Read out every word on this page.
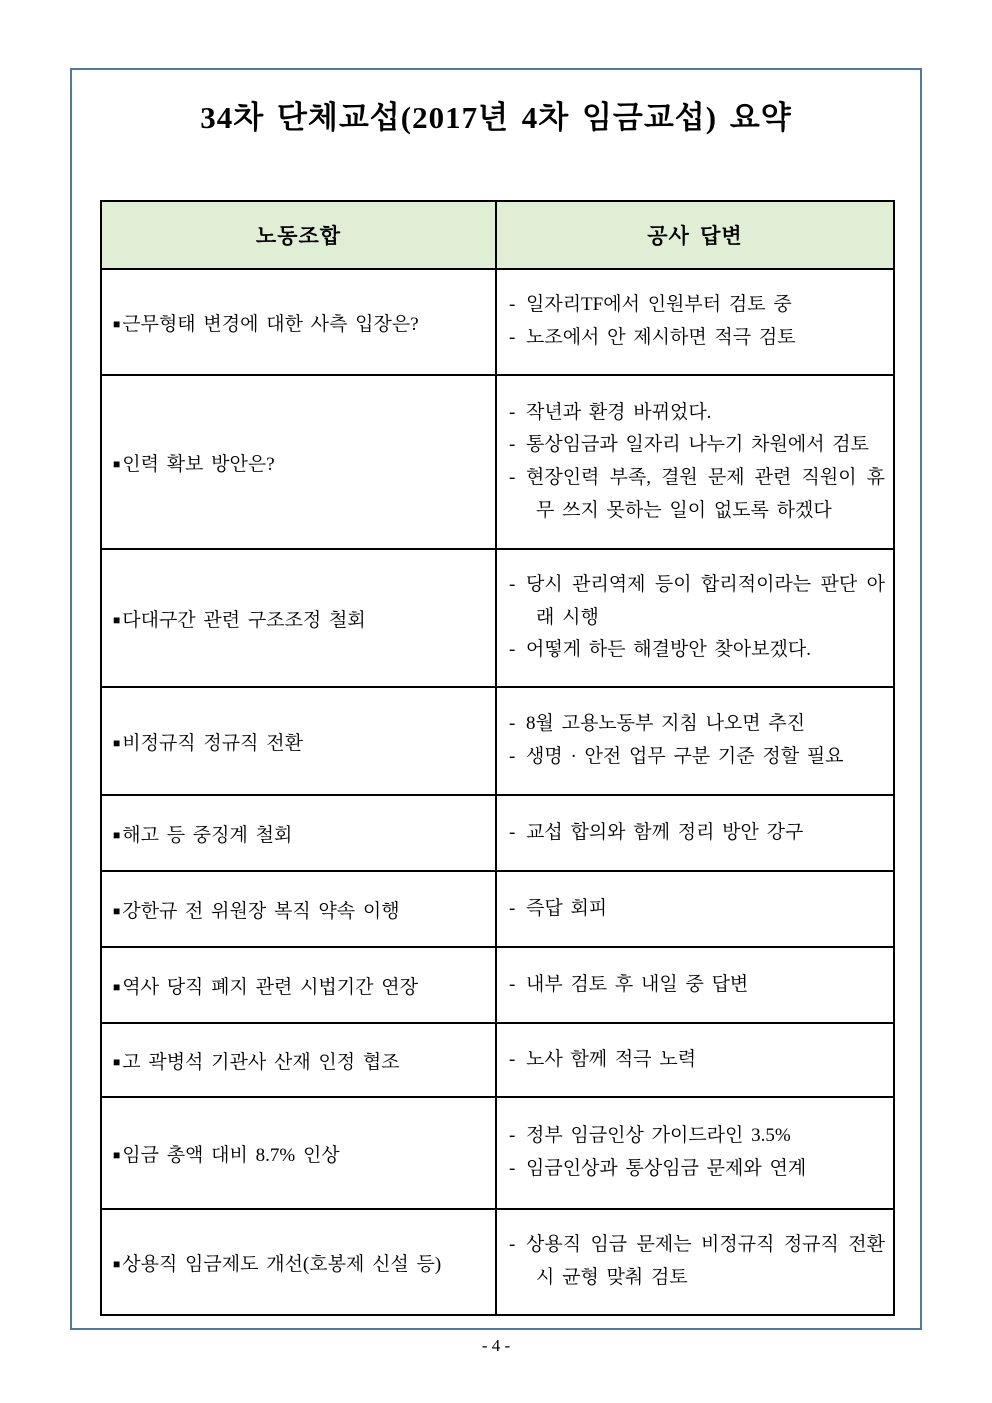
34차 단체교섭(2017년 4차 임금교섭) 요약
노동조합	공사 답변

■ 근무형태 변경에 대한 사측 입장은?	- 일자리TF에서 인원부터 검토 중
- 노조에서 안 제시하면 적극 검토

■ 인력 확보 방안은?	- 작년과 환경 바뀌었다.
- 통상임금과 일자리 나누기 차원에서 검토
- 현장인력 부족, 결원 문제 관련 직원이 휴무 쓰지 못하는 일이 없도록 하겠다

■ 다대구간 관련 구조조정 철회	- 당시 관리역제 등이 합리적이라는 판단 아래 시행
- 어떻게 하든 해결방안 찾아보겠다.

■ 비정규직 정규직 전환	- 8월 고용노동부 지침 나오면 추진
- 생명 · 안전 업무 구분 기준 정할 필요

■ 해고 등 중징계 철회	- 교섭 합의와 함께 정리 방안 강구

■ 강한규 전 위원장 복직 약속 이행	- 즉답 회피

■ 역사 당직 폐지 관련 시법기간 연장	- 내부 검토 후 내일 중 답변

■ 고 곽병석 기관사 산재 인정 협조	- 노사 함께 적극 노력

■ 임금 총액 대비 8.7% 인상	- 정부 임금인상 가이드라인 3.5%
- 임금인상과 통상임금 문제와 연계

■ 상용직 임금제도 개선(호봉제 신설 등)	- 상용직 임금 문제는 비정규직 정규직 전환 시 균형 맞춰 검토
- 4 -
